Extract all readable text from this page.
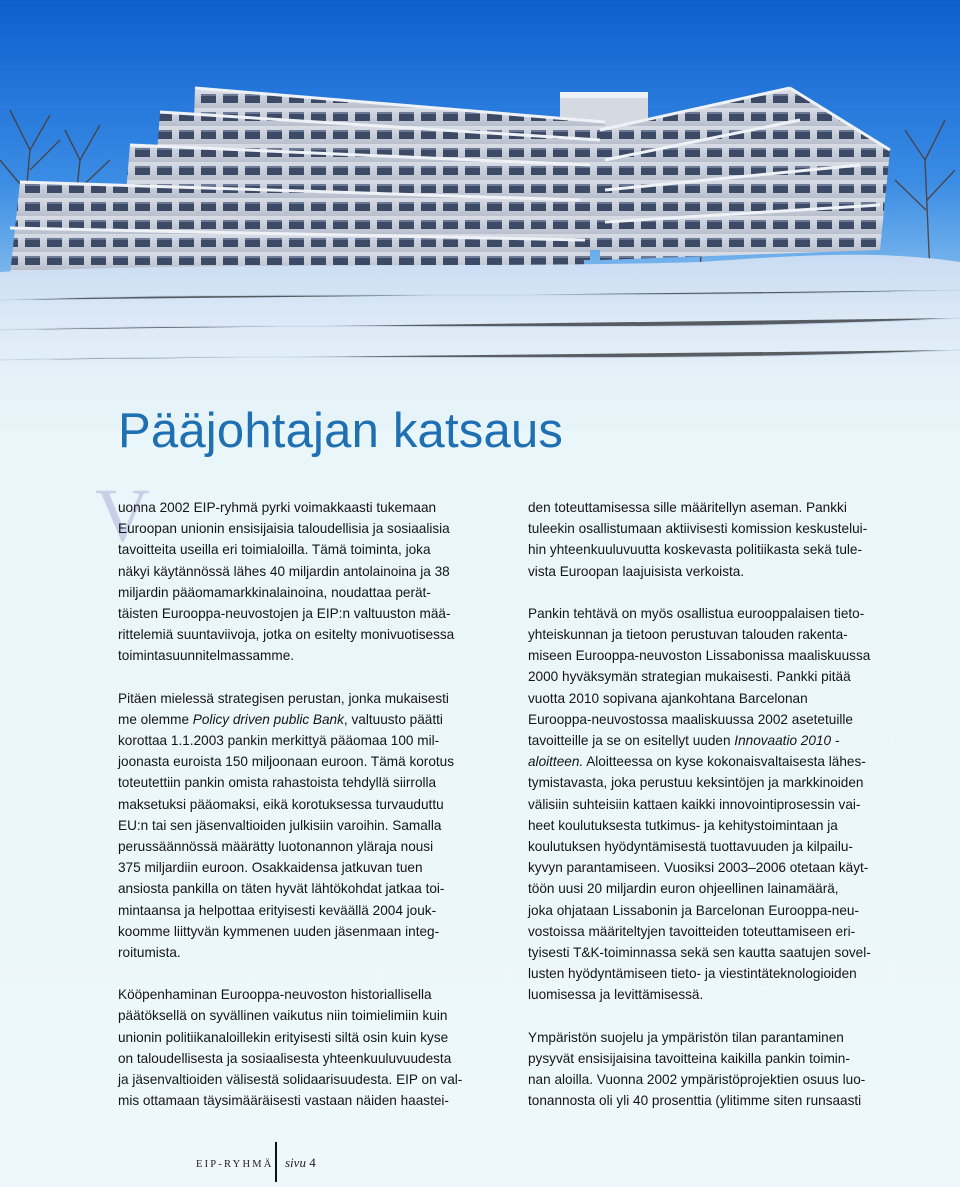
Pääjohtajan katsaus
V

uonna 2002 EIP-ryhmä pyrki voimakkaasti tukemaan
Euroopan unionin ensisijaisia taloudellisia ja sosiaalisia
tavoitteita useilla eri toimialoilla. Tämä toiminta, joka
näkyi käytännössä lähes 40 miljardin antolainoina ja 38
miljardin pääomamarkkinalainoina, noudattaa perät-
täisten Eurooppa-neuvostojen ja EIP:n valtuuston mää-
rittelemiä suuntaviivoja, jotka on esitelty monivuotisessa
toimintasuunnitelmassamme.

Pitäen mielessä strategisen perustan, jonka mukaisesti
me olemme Policy driven public Bank, valtuusto päätti
korottaa 1.1.2003 pankin merkittyä pääomaa 100 mil-
joonasta euroista 150 miljoonaan euroon. Tämä korotus
toteutettiin pankin omista rahastoista tehdyllä siirrolla
maksetuksi pääomaksi, eikä korotuksessa turvauduttu
EU:n tai sen jäsenvaltioiden julkisiin varoihin. Samalla
perussäännössä määrätty luotonannon yläraja nousi
375 miljardiin euroon. Osakkaidensa jatkuvan tuen
ansiosta pankilla on täten hyvät lähtökohdat jatkaa toi-
mintaansa ja helpottaa erityisesti keväällä 2004 jouk-
koomme liittyvän kymmenen uuden jäsenmaan integ-
roitumista.

Kööpenhaminan Eurooppa-neuvoston historiallisella
päätöksellä on syvällinen vaikutus niin toimielimiin kuin
unionin politiikanaloillekin erityisesti siltä osin kuin kyse
on taloudellisesta ja sosiaalisesta yhteenkuuluvuudesta
ja jäsenvaltioiden välisestä solidaarisuudesta. EIP on val-
mis ottamaan täysimääräisesti vastaan näiden haastei-

den toteuttamisessa sille määritellyn aseman. Pankki
tuleekin osallistumaan aktiivisesti komission keskustelui-
hin yhteenkuuluvuutta koskevasta politiikasta sekä tule-
vista Euroopan laajuisista verkoista.

Pankin tehtävä on myös osallistua eurooppalaisen tieto-
yhteiskunnan ja tietoon perustuvan talouden rakenta-
miseen Eurooppa-neuvoston Lissabonissa maaliskuussa
2000 hyväksymän strategian mukaisesti. Pankki pitää
vuotta 2010 sopivana ajankohtana Barcelonan
Eurooppa-neuvostossa maaliskuussa 2002 asetetuille
tavoitteille ja se on esitellyt uuden Innovaatio 2010 -
aloitteen. Aloitteessa on kyse kokonaisvaltaisesta lähes-
tymistavasta, joka perustuu keksintöjen ja markkinoiden
välisiin suhteisiin kattaen kaikki innovointiprosessin vai-
heet koulutuksesta tutkimus- ja kehitystoimintaan ja
koulutuksen hyödyntämisestä tuottavuuden ja kilpailu-
kyvyn parantamiseen. Vuosiksi 2003–2006 otetaan käyt-
töön uusi 20 miljardin euron ohjeellinen lainamäärä,
joka ohjataan Lissabonin ja Barcelonan Eurooppa-neu-
vostoissa määriteltyjen tavoitteiden toteuttamiseen eri-
tyisesti T&K-toiminnassa sekä sen kautta saatujen sovel-
lusten hyödyntämiseen tieto- ja viestintäteknologioiden
luomisessa ja levittämisessä.

Ympäristön suojelu ja ympäristön tilan parantaminen
pysyvät ensisijaisina tavoitteina kaikilla pankin toimin-
nan aloilla. Vuonna 2002 ympäristöprojektien osuus luo-
tonannosta oli yli 40 prosenttia (ylitimme siten runsaasti

EIP-RYHMÄ sivu 4
